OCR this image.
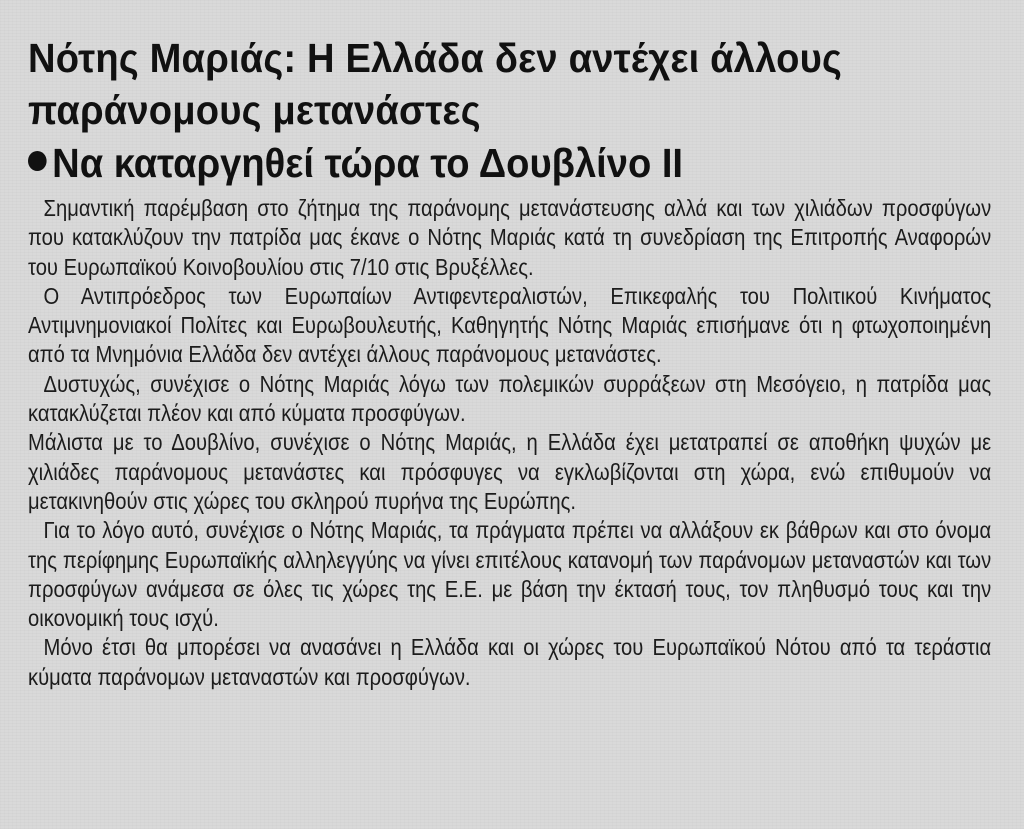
Νότης Μαριάς: Η Ελλάδα δεν αντέχει άλλους παράνομους μετανάστες
Να καταργηθεί τώρα το Δουβλίνο ΙΙ

Σημαντική παρέμβαση στο ζήτημα της παράνομης μετανάστευσης αλλά και των χιλιάδων προσφύγων που κατακλύζουν την πατρίδα μας έκανε ο Νότης Μαριάς κατά τη συνεδρίαση της Επιτροπής Αναφορών του Ευρωπαϊκού Κοινοβουλίου στις 7/10 στις Βρυξέλλες.

Ο Αντιπρόεδρος των Ευρωπαίων Αντιφεντεραλιστών, Επικεφαλής του Πολιτικού Κινήματος Αντιμνημονιακοί Πολίτες και Ευρωβουλευτής, Καθηγητής Νότης Μαριάς επισήμανε ότι η φτωχοποιημένη από τα Μνημόνια Ελλάδα δεν αντέχει άλλους παράνομους μετανάστες.

Δυστυχώς, συνέχισε ο Νότης Μαριάς λόγω των πολεμικών συρράξεων στη Μεσόγειο, η πατρίδα μας κατακλύζεται πλέον και από κύματα προσφύγων.

Μάλιστα με το Δουβλίνο, συνέχισε ο Νότης Μαριάς, η Ελλάδα έχει μετατραπεί σε αποθήκη ψυχών με χιλιάδες παράνομους μετανάστες και πρόσφυγες να εγκλωβίζονται στη χώρα, ενώ επιθυμούν να μετακινηθούν στις χώρες του σκληρού πυρήνα της Ευρώπης.

Για το λόγο αυτό, συνέχισε ο Νότης Μαριάς, τα πράγματα πρέπει να αλλάξουν εκ βάθρων και στο όνομα της περίφημης Ευρωπαϊκής αλληλεγγύης να γίνει επιτέλους κατανομή των παράνομων μεταναστών και των προσφύγων ανάμεσα σε όλες τις χώρες της Ε.Ε. με βάση την έκτασή τους, τον πληθυσμό τους και την οικονομική τους ισχύ.

Μόνο έτσι θα μπορέσει να ανασάνει η Ελλάδα και οι χώρες του Ευρωπαϊκού Νότου από τα τεράστια κύματα παράνομων μεταναστών και προσφύγων.
